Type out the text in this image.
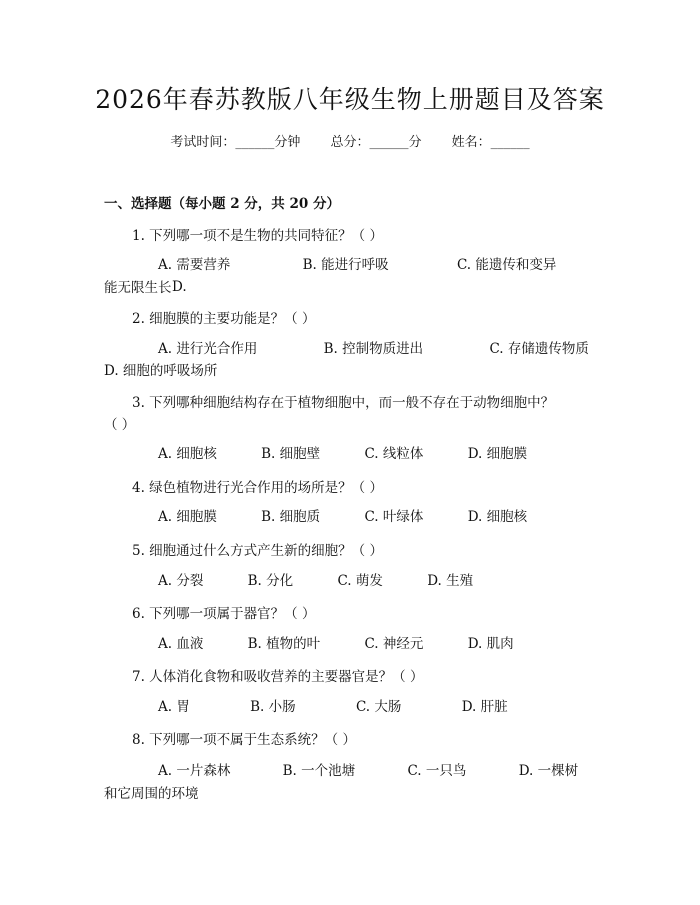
2026年春苏教版八年级生物上册题目及答案
考试时间：______分钟 总分：______分 姓名：______
一、选择题（每小题 2 分，共 20 分）
1. 下列哪一项不是生物的共同特征？（ ）
A. 需要营养	B. 能进行呼吸	C. 能遗传和变异 D.
能无限生长
2. 细胞膜的主要功能是？（ ）
A. 进行光合作用	B. 控制物质进出	C. 存储遗传物质
D. 细胞的呼吸场所
3. 下列哪种细胞结构存在于植物细胞中，而一般不存在于动物细胞中？
（ ）
A. 细胞核	B. 细胞壁	C. 线粒体	D. 细胞膜
4. 绿色植物进行光合作用的场所是？（ ）
A. 细胞膜	B. 细胞质	C. 叶绿体	D. 细胞核
5. 细胞通过什么方式产生新的细胞？（ ）
A. 分裂	B. 分化	C. 萌发	D. 生殖
6. 下列哪一项属于器官？（ ）
A. 血液	B. 植物的叶	C. 神经元	D. 肌肉
7. 人体消化食物和吸收营养的主要器官是？（ ）
A. 胃	B. 小肠	C. 大肠	D. 肝脏
8. 下列哪一项不属于生态系统？（ ）
A. 一片森林	B. 一个池塘	C. 一只鸟	D. 一棵树
和它周围的环境
